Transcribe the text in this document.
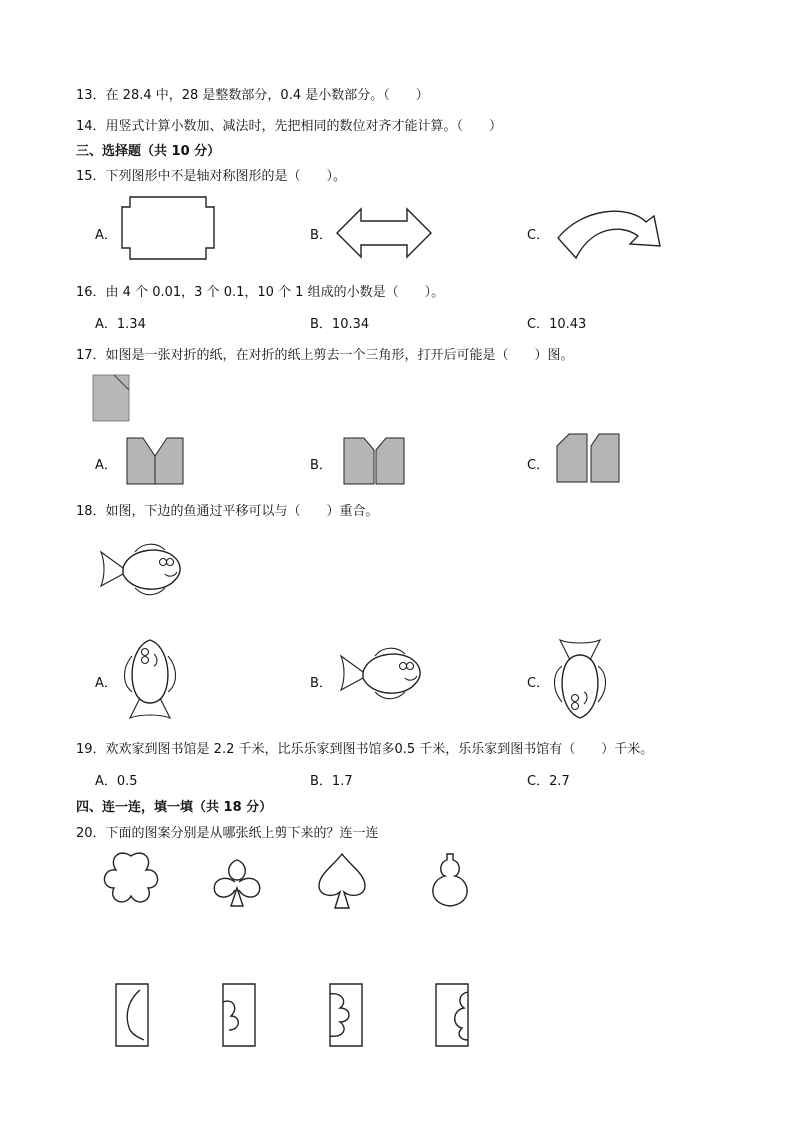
13．在 28.4 中，28 是整数部分，0.4 是小数部分。（　　）
14．用竖式计算小数加、减法时，先把相同的数位对齐才能计算。（　　）
三、选择题（共 10 分）
15．下列图形中不是轴对称图形的是（　　）。
A．	B．	C．
16．由 4 个 0.01，3 个 0.1，10 个 1 组成的小数是（　　）。
A．1.34	B．10.34	C．10.43
17．如图是一张对折的纸，在对折的纸上剪去一个三角形，打开后可能是（　　）图。
A．	B．	C．
18．如图，下边的鱼通过平移可以与（　　）重合。
A．	B．	C．
19．欢欢家到图书馆是 2.2 千米，比乐乐家到图书馆多0.5 千米，乐乐家到图书馆有（　　）千米。
A．0.5	B．1.7	C．2.7
四、连一连，填一填（共 18 分）
20．下面的图案分别是从哪张纸上剪下来的？连一连
